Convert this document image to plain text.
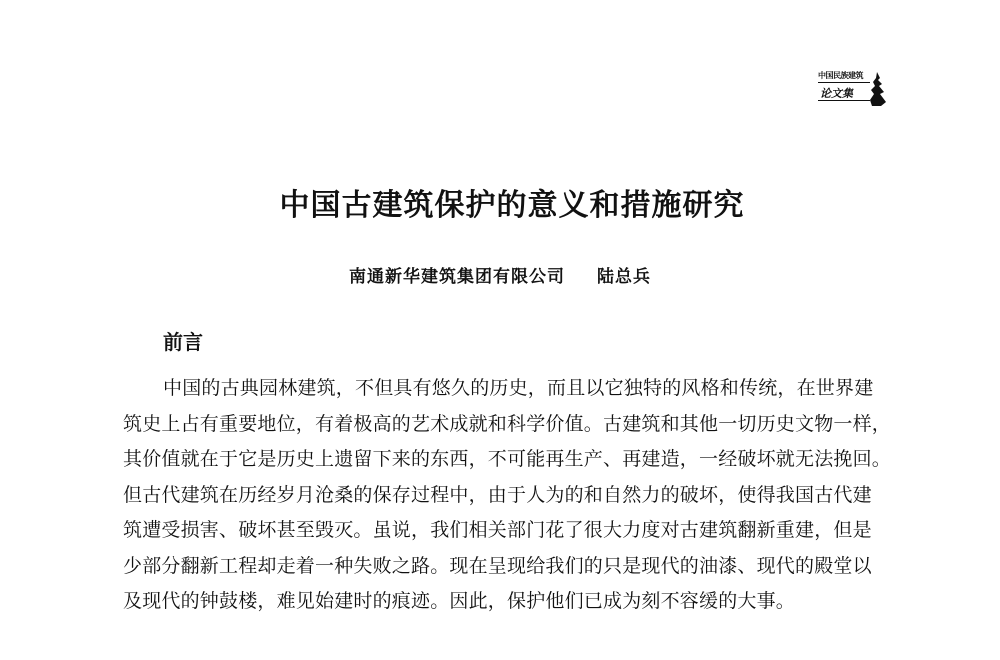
中国民族建筑
论文集
中国古建筑保护的意义和措施研究
南通新华建筑集团有限公司 陆总兵
前言
中国的古典园林建筑，不但具有悠久的历史，而且以它独特的风格和传统，在世界建
筑史上占有重要地位，有着极高的艺术成就和科学价值。古建筑和其他一切历史文物一样，
其价值就在于它是历史上遗留下来的东西，不可能再生产、再建造，一经破坏就无法挽回。
但古代建筑在历经岁月沧桑的保存过程中，由于人为的和自然力的破坏，使得我国古代建
筑遭受损害、破坏甚至毁灭。虽说，我们相关部门花了很大力度对古建筑翻新重建，但是
少部分翻新工程却走着一种失败之路。现在呈现给我们的只是现代的油漆、现代的殿堂以
及现代的钟鼓楼，难见始建时的痕迹。因此，保护他们已成为刻不容缓的大事。
